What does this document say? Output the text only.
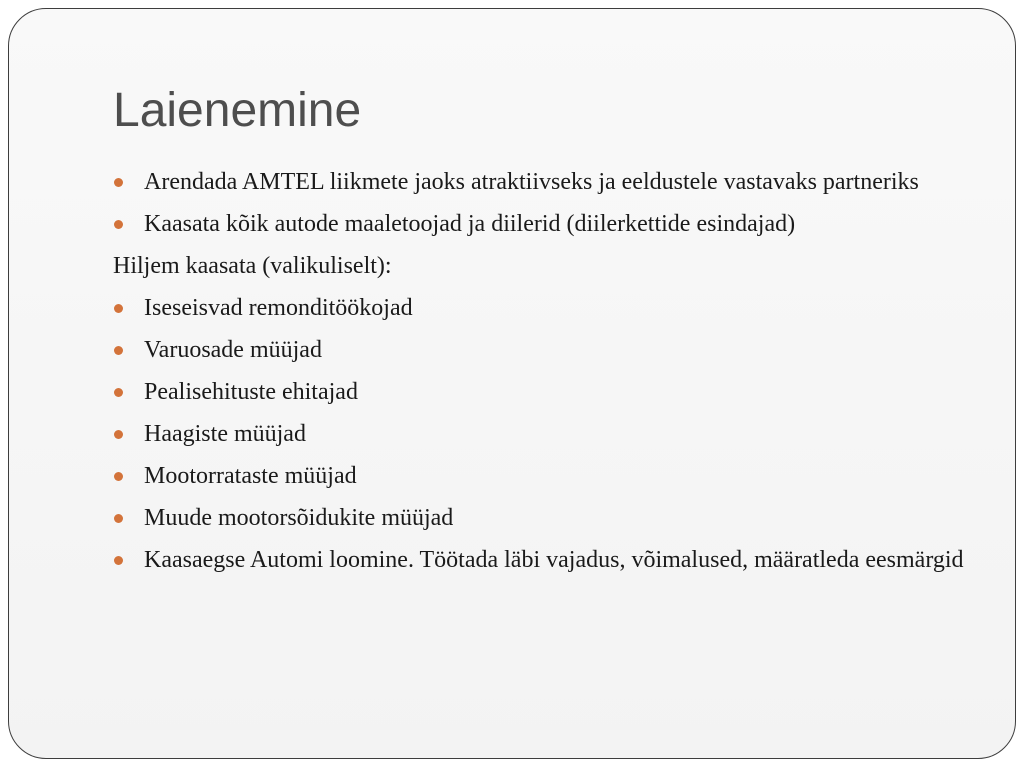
Laienemine
Arendada AMTEL liikmete jaoks atraktiivseks ja eeldustele vastavaks partneriks
Kaasata kõik autode maaletoojad ja diilerid (diilerkettide esindajad)
Hiljem kaasata (valikuliselt):
Iseseisvad remonditöökojad
Varuosade müüjad
Pealisehituste ehitajad
Haagiste müüjad
Mootorrataste müüjad
Muude mootorsõidukite müüjad
Kaasaegse Automi loomine. Töötada läbi vajadus, võimalused, määratleda eesmärgid
